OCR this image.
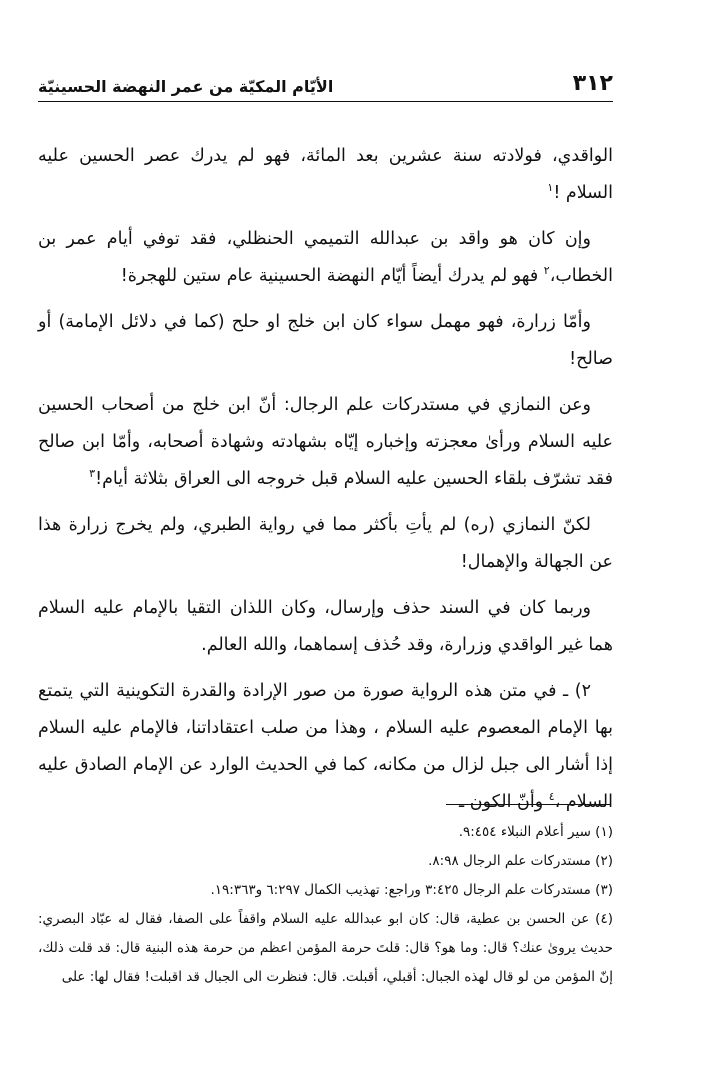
٣١٢
الأيّام المكيّة من عمر النهضة الحسينيّة

الواقدي، فولادته سنة عشرين بعد المائة، فهو لم يدرك عصر الحسين عليه السلام !$^١$

وإن كان هو واقد بن عبدالله التميمي الحنظلي، فقد توفي أيام عمر بن الخطاب،$^٢$ فهو لم يدرك أيضاً أيّام النهضة الحسينية عام ستين للهجرة!

وأمّا زرارة، فهو مهمل سواء كان ابن خلج او حلح (كما في دلائل الإمامة) أو صالح!

وعن النمازي في مستدركات علم الرجال: أنّ ابن خلج من أصحاب الحسين عليه السلام ورأىٰ معجزته وإخباره إيّاه بشهادته وشهادة أصحابه، وأمّا ابن صالح فقد تشرّف بلقاء الحسين عليه السلام قبل خروجه الى العراق بثلاثة أيام!$^٣$

لكنّ النمازي (ره) لم يأتِ بأكثر مما في رواية الطبري، ولم يخرج زرارة هذا عن الجهالة والإهمال!

وربما كان في السند حذف وإرسال، وكان اللذان التقيا بالإمام عليه السلام هما غير الواقدي وزرارة، وقد حُذف إسماهما، والله العالم.

٢) ـ في متن هذه الرواية صورة من صور الإرادة والقدرة التكوينية التي يتمتع بها الإمام المعصوم عليه السلام ، وهذا من صلب اعتقاداتنا، فالإمام عليه السلام إذا أشار الى جبل لزال من مكانه، كما في الحديث الوارد عن الإمام الصادق عليه السلام ،$^٤$ وأنّ الكون ـ

(١) سير أعلام النبلاء ٩:٤٥٤.

(٢) مستدركات علم الرجال ٨:٩٨.

(٣) مستدركات علم الرجال ٣:٤٢٥ وراجع: تهذيب الكمال ٦:٢٩٧ و١٩:٣٦٣.

(٤) عن الحسن بن عطية، قال: كان ابو عبدالله عليه السلام واقفاً على الصفا، فقال له عبّاد البصري: حديث يروىٰ عنك؟ قال: وما هو؟ قال: قلتَ حرمة المؤمن اعظم من حرمة هذه البنية قال: قد قلت ذلك، إنّ المؤمن من لو قال لهذه الجبال: أقبلي، أقبلت. قال: فنظرت الى الجبال قد اقبلت! فقال لها: على
